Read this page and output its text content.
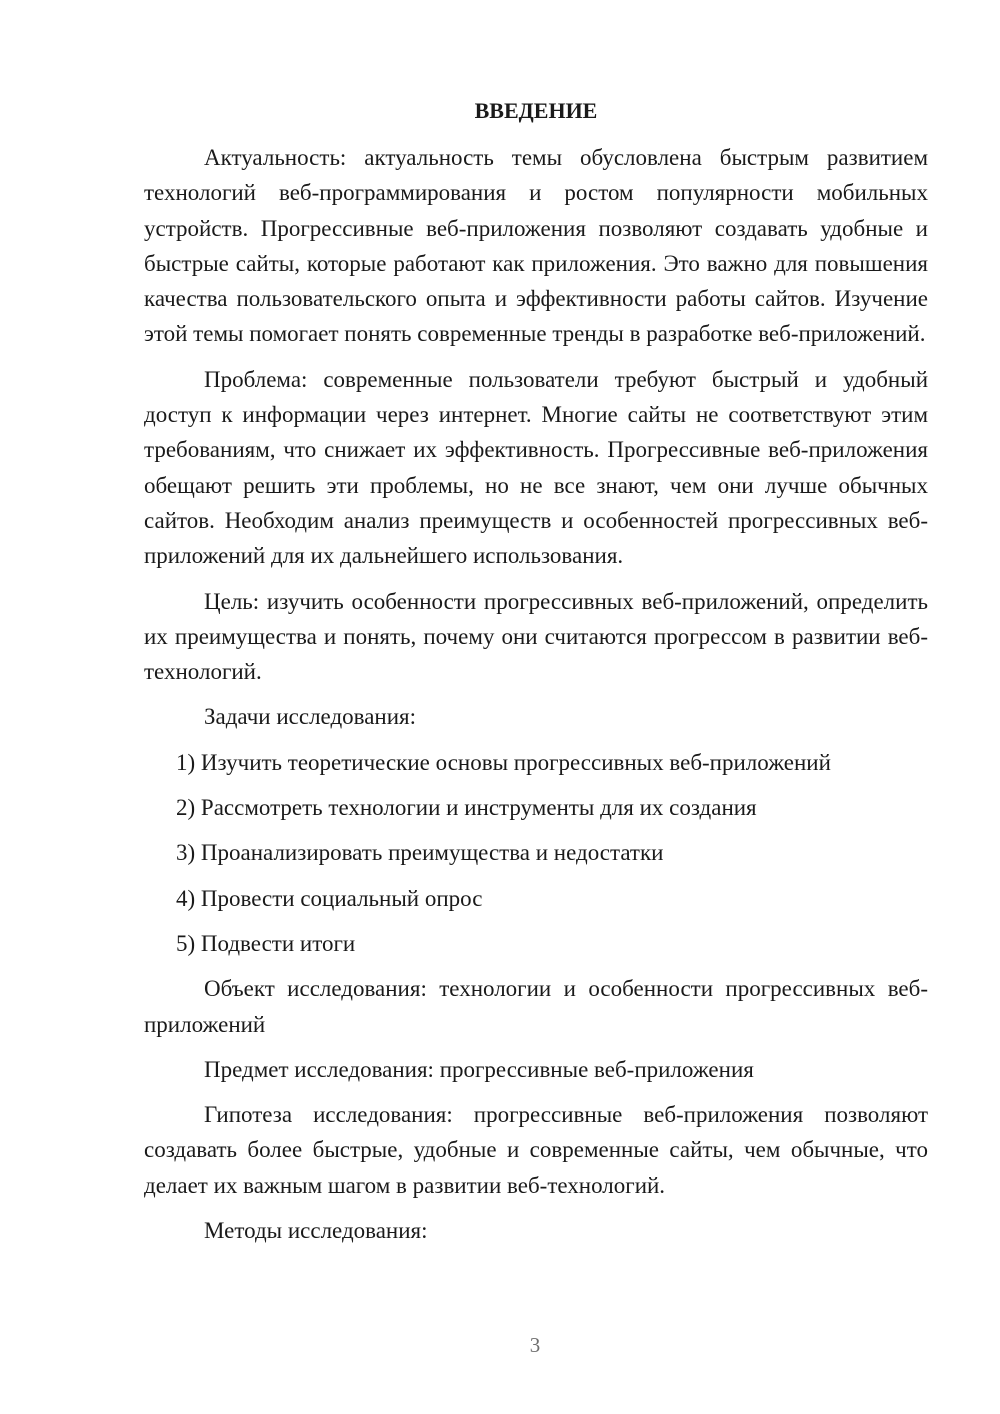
ВВЕДЕНИЕ

Актуальность: актуальность темы обусловлена быстрым развитием технологий веб-программирования и ростом популярности мобильных устройств. Прогрессивные веб-приложения позволяют создавать удобные и быстрые сайты, которые работают как приложения. Это важно для повышения качества пользовательского опыта и эффективности работы сайтов. Изучение этой темы помогает понять современные тренды в разработке веб-приложений.

Проблема: современные пользователи требуют быстрый и удобный доступ к информации через интернет. Многие сайты не соответствуют этим требованиям, что снижает их эффективность. Прогрессивные веб-приложения обещают решить эти проблемы, но не все знают, чем они лучше обычных сайтов. Необходим анализ преимуществ и особенностей прогрессивных веб-приложений для их дальнейшего использования.

Цель: изучить особенности прогрессивных веб-приложений, определить их преимущества и понять, почему они считаются прогрессом в развитии веб-технологий.

Задачи исследования:

1) Изучить теоретические основы прогрессивных веб-приложений

2) Рассмотреть технологии и инструменты для их создания

3) Проанализировать преимущества и недостатки

4) Провести социальный опрос

5) Подвести итоги

Объект исследования: технологии и особенности прогрессивных веб-приложений

Предмет исследования: прогрессивные веб-приложения

Гипотеза исследования: прогрессивные веб-приложения позволяют создавать более быстрые, удобные и современные сайты, чем обычные, что делает их важным шагом в развитии веб-технологий.

Методы исследования:

3
